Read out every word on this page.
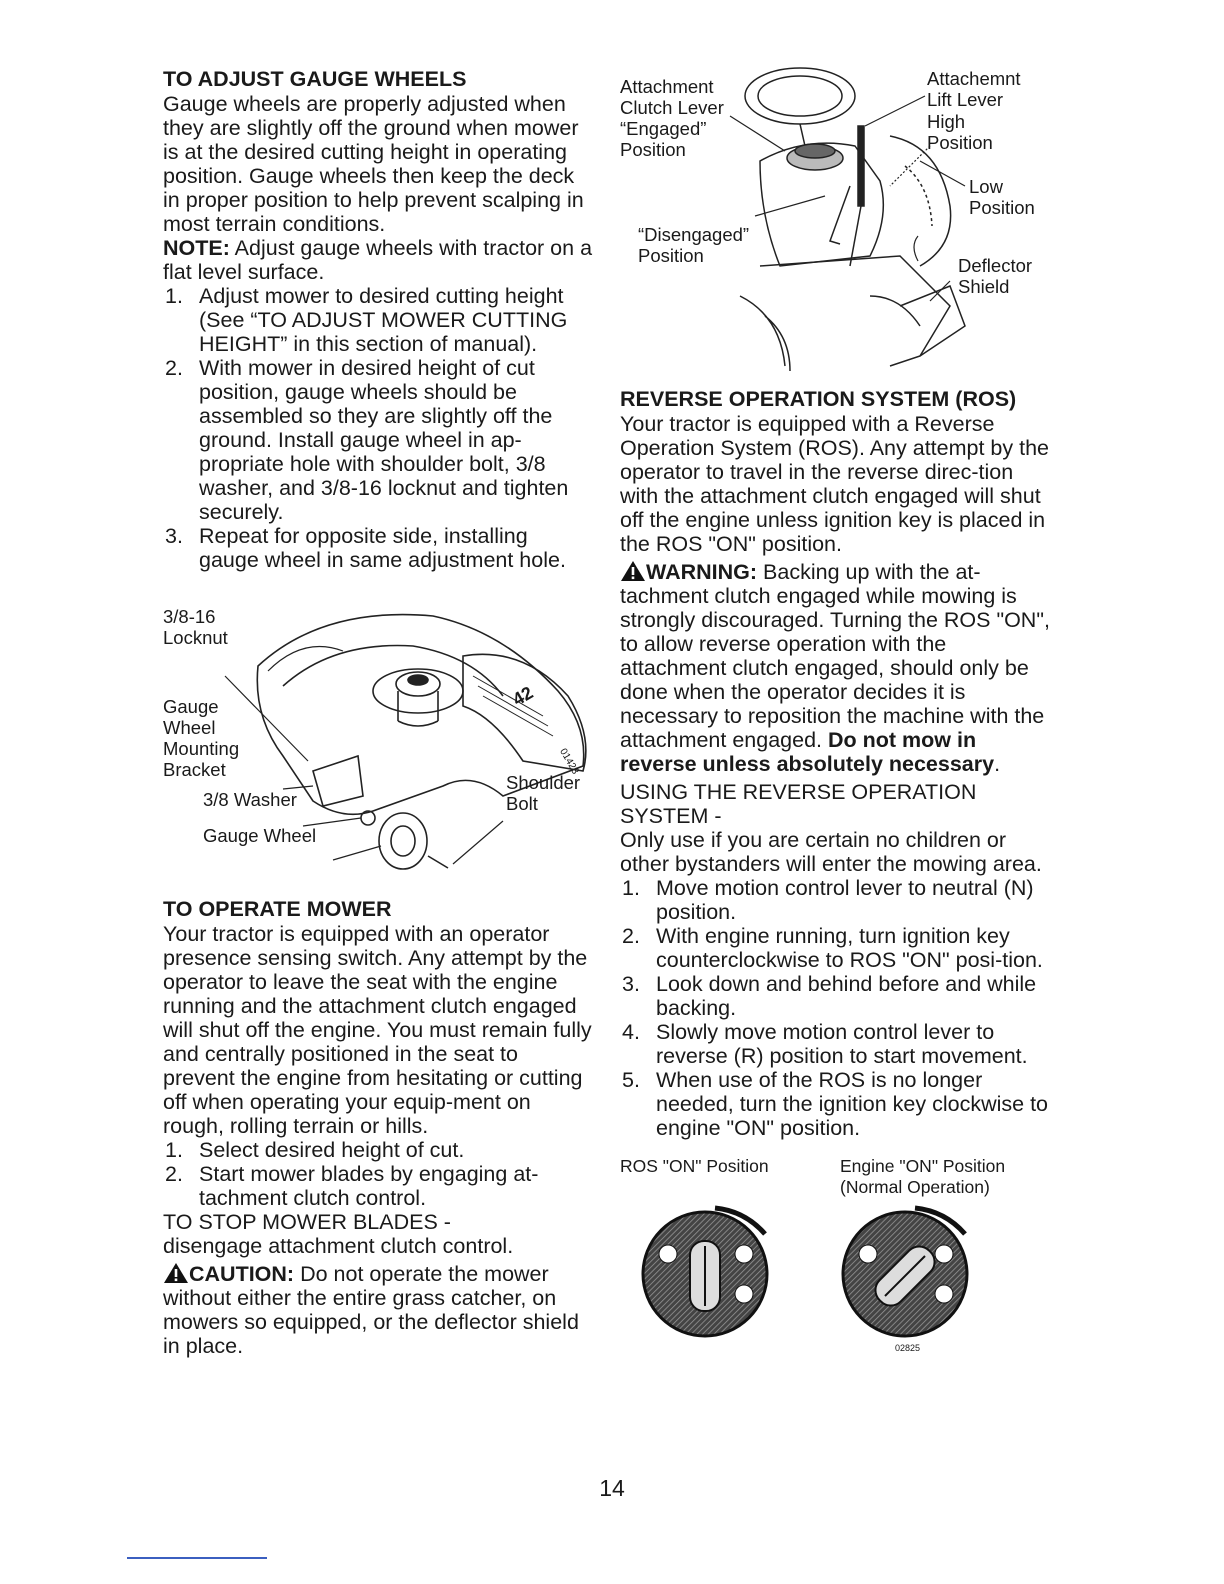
TO ADJUST GAUGE WHEELS

Gauge wheels are properly adjusted when they are slightly off the ground when mower is at the desired cutting height in operating position. Gauge wheels then keep the deck in proper position to help prevent scalping in most terrain conditions.

NOTE: Adjust gauge wheels with tractor on a flat level surface.

1. Adjust mower to desired cutting height (See “TO ADJUST MOWER CUTTING HEIGHT” in this section of manual).
2. With mower in desired height of cut position, gauge wheels should be assembled so they are slightly off the ground. Install gauge wheel in ap-propriate hole with shoulder bolt, 3/8 washer, and 3/8-16 locknut and tighten securely.
3. Repeat for opposite side, installing gauge wheel in same adjustment hole.
3/8-16
Locknut
Gauge
Wheel
Mounting
Bracket
3/8 Washer
Gauge Wheel
Shoulder
Bolt
42
01423
TO OPERATE MOWER

Your tractor is equipped with an operator presence sensing switch. Any attempt by the operator to leave the seat with the engine running and the attachment clutch engaged will shut off the engine. You must remain fully and centrally positioned in the seat to prevent the engine from hesitating or cutting off when operating your equip-ment on rough, rolling terrain or hills.

1. Select desired height of cut.
2. Start mower blades by engaging at-tachment clutch control.

TO STOP MOWER BLADES -

disengage attachment clutch control.

CAUTION: Do not operate the mower without either the entire grass catcher, on mowers so equipped, or the deflector shield in place.

Attachment
Clutch Lever
“Engaged”
Position
“Disengaged”
Position
Attachemnt
Lift Lever
High
Position
Low
Position
Deflector
Shield
REVERSE OPERATION SYSTEM (ROS)

Your tractor is equipped with a Reverse Operation System (ROS). Any attempt by the operator to travel in the reverse direc-tion with the attachment clutch engaged will shut off the engine unless ignition key is placed in the ROS "ON" position.

WARNING: Backing up with the at-tachment clutch engaged while mowing is strongly discouraged. Turning the ROS "ON", to allow reverse operation with the attachment clutch engaged, should only be done when the operator decides it is necessary to reposition the machine with the attachment engaged. Do not mow in reverse unless absolutely necessary.

USING THE REVERSE OPERATION

SYSTEM -

Only use if you are certain no children or other bystanders will enter the mowing area.

1. Move motion control lever to neutral (N) position.
2. With engine running, turn ignition key counterclockwise to ROS "ON" posi-tion.
3. Look down and behind before and while backing.
4. Slowly move motion control lever to reverse (R) position to start movement.
5. When use of the ROS is no longer needed, turn the ignition key clockwise to engine "ON" position.
ROS "ON" Position	Engine "ON" Position
(Normal Operation)
02825
14
